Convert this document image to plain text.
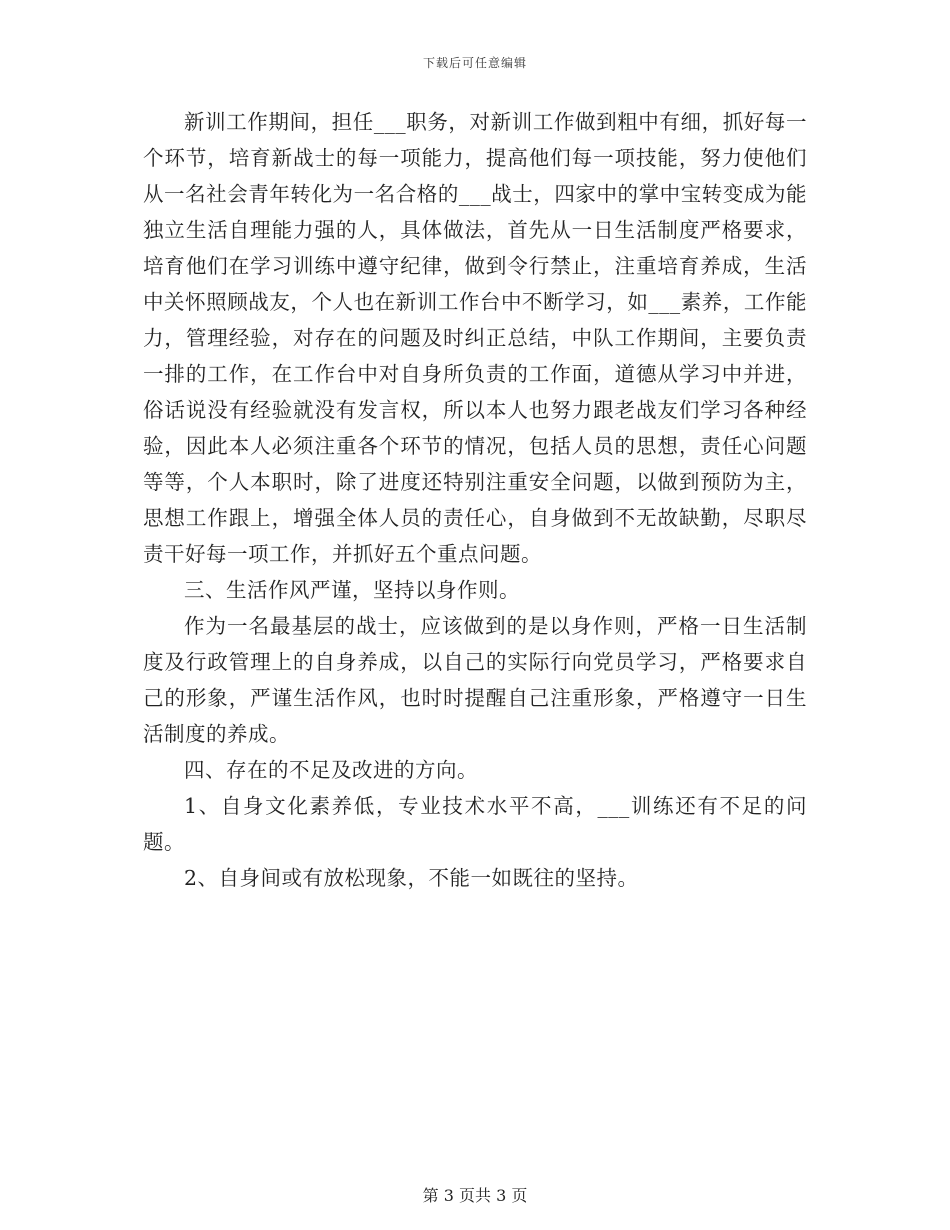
下载后可任意编辑

新训工作期间，担任___职务，对新训工作做到粗中有细，抓好每一个环节，培育新战士的每一项能力，提高他们每一项技能，努力使他们从一名社会青年转化为一名合格的___战士，四家中的掌中宝转变成为能独立生活自理能力强的人，具体做法，首先从一日生活制度严格要求，培育他们在学习训练中遵守纪律，做到令行禁止，注重培育养成，生活中关怀照顾战友，个人也在新训工作台中不断学习，如___素养，工作能力，管理经验，对存在的问题及时纠正总结，中队工作期间，主要负责一排的工作，在工作台中对自身所负责的工作面，道德从学习中并进，俗话说没有经验就没有发言权，所以本人也努力跟老战友们学习各种经验，因此本人必须注重各个环节的情况，包括人员的思想，责任心问题等等，个人本职时，除了进度还特别注重安全问题，以做到预防为主，思想工作跟上，增强全体人员的责任心，自身做到不无故缺勤，尽职尽责干好每一项工作，并抓好五个重点问题。

三、生活作风严谨，坚持以身作则。

作为一名最基层的战士，应该做到的是以身作则，严格一日生活制度及行政管理上的自身养成，以自己的实际行向党员学习，严格要求自己的形象，严谨生活作风，也时时提醒自己注重形象，严格遵守一日生活制度的养成。

四、存在的不足及改进的方向。

1、自身文化素养低，专业技术水平不高，___训练还有不足的问题。

2、自身间或有放松现象，不能一如既往的坚持。

第 3 页共 3 页
